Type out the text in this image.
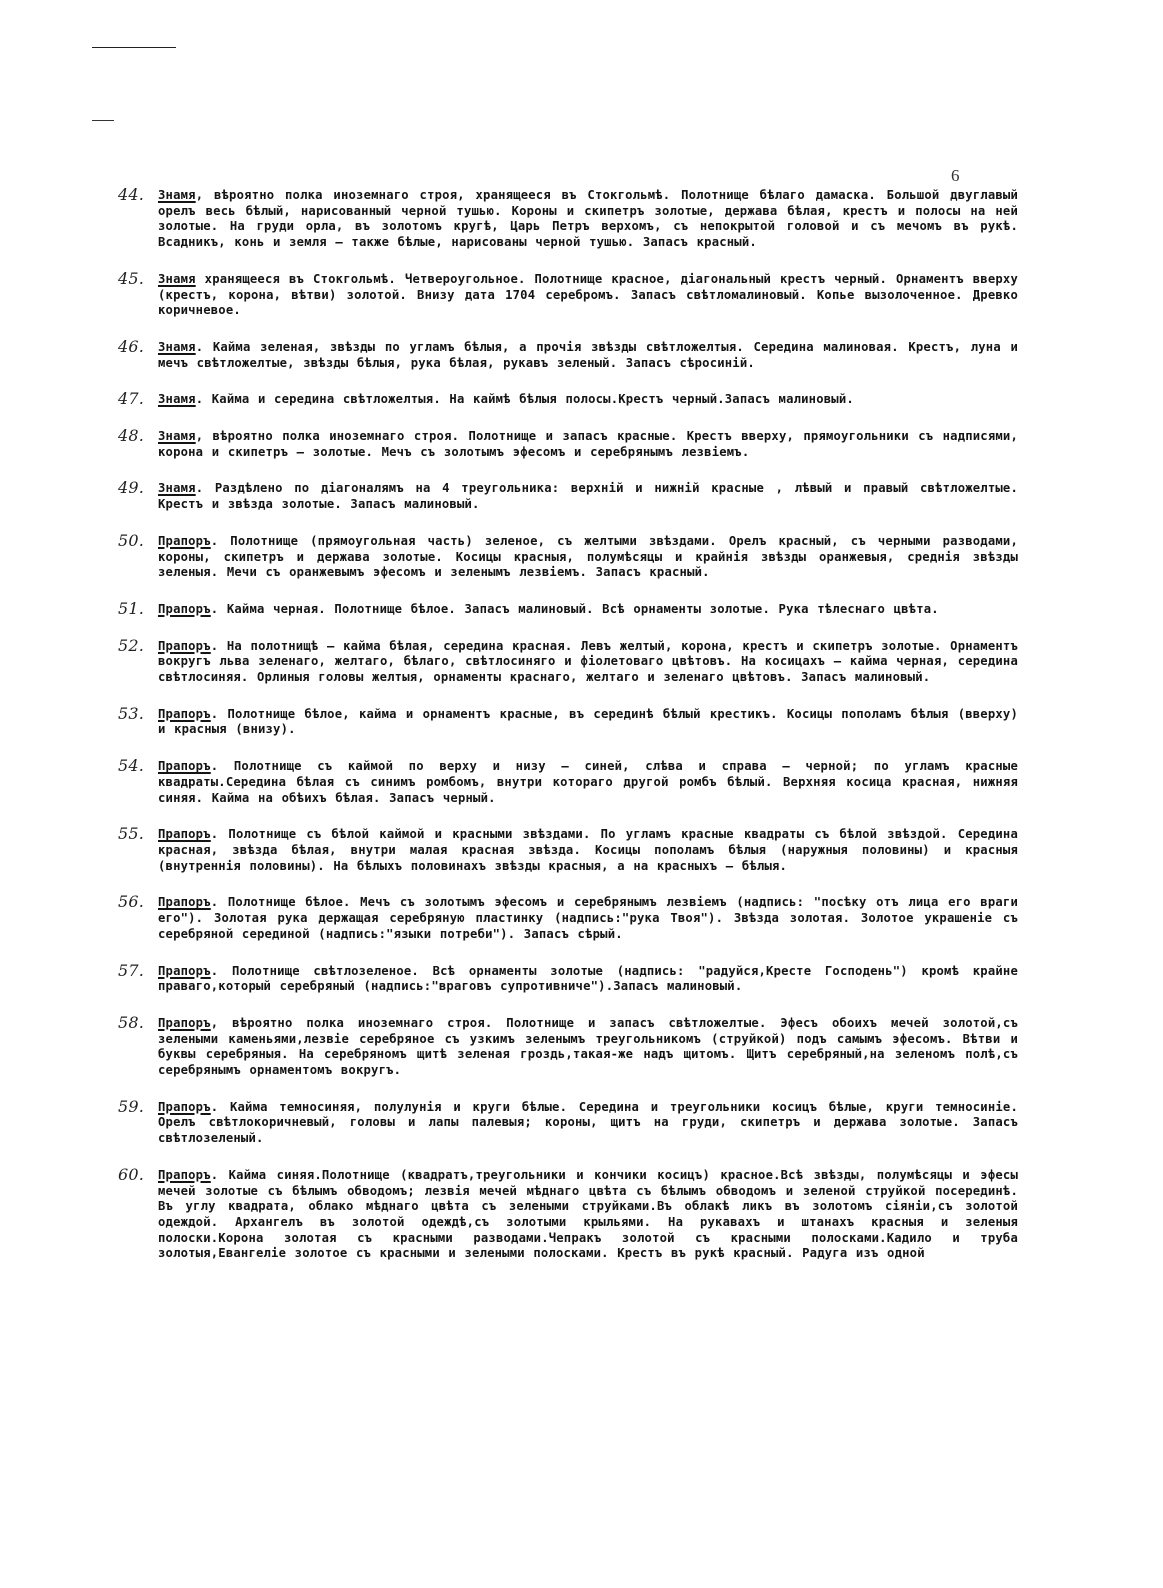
6
44.	Знамя, вѣроятно полка иноземнаго строя, хранящееся въ Стокгольмѣ. Полотнище бѣлаго дамаска. Большой двуглавый орелъ весь бѣлый, нарисованный черной тушью. Короны и скипетръ золотые, держава бѣлая, крестъ и полосы на ней золотые. На груди орла, въ золотомъ кругѣ, Царь Петръ верхомъ, съ непокрытой головой и съ мечомъ въ рукѣ. Всадникъ, конь и земля – также бѣлые, нарисованы черной тушью. Запасъ красный.
45.	Знамя хранящееся въ Стокгольмѣ. Четвероугольное. Полотнище красное, діагональный крестъ черный. Орнаментъ вверху (крестъ, корона, вѣтви) золотой. Внизу дата 1704 серебромъ. Запасъ свѣтломалиновый. Копье вызолоченное. Древко коричневое.
46.	Знамя. Кайма зеленая, звѣзды по угламъ бѣлыя, а прочія звѣзды свѣтложелтыя. Середина малиновая. Крестъ, луна и мечъ свѣтложелтые, звѣзды бѣлыя, рука бѣлая, рукавъ зеленый. Запасъ сѣросиній.
47.	Знамя. Кайма и середина свѣтложелтыя. На каймѣ бѣлыя полосы.Крестъ черный.Запасъ малиновый.
48.	Знамя, вѣроятно полка иноземнаго строя. Полотнище и запасъ красные. Крестъ вверху, прямоугольники съ надписями, корона и скипетръ – золотые. Мечъ съ золотымъ эфесомъ и серебрянымъ лезвіемъ.
49.	Знамя. Раздѣлено по діагоналямъ на 4 треугольника: верхній и нижній красные , лѣвый и правый свѣтложелтые. Крестъ и звѣзда золотые. Запасъ малиновый.
50.	Прапоръ. Полотнище (прямоугольная часть) зеленое, съ желтыми звѣздами. Орелъ красный, съ черными разводами, короны, скипетръ и держава золотые. Косицы красныя, полумѣсяцы и крайнія звѣзды оранжевыя, среднія звѣзды зеленыя. Мечи съ оранжевымъ эфесомъ и зеленымъ лезвіемъ. Запасъ красный.
51.	Прапоръ. Кайма черная. Полотнище бѣлое. Запасъ малиновый. Всѣ орнаменты золотые. Рука тѣлеснаго цвѣта.
52.	Прапоръ. На полотнищѣ – кайма бѣлая, середина красная. Левъ желтый, корона, крестъ и скипетръ золотые. Орнаментъ вокругъ льва зеленаго, желтаго, бѣлаго, свѣтлосиняго и фіолетоваго цвѣтовъ. На косицахъ – кайма черная, середина свѣтлосиняя. Орлиныя головы желтыя, орнаменты краснаго, желтаго и зеленаго цвѣтовъ. Запасъ малиновый.
53.	Прапоръ. Полотнище бѣлое, кайма и орнаментъ красные, въ серединѣ бѣлый крестикъ. Косицы пополамъ бѣлыя (вверху) и красныя (внизу).
54.	Прапоръ. Полотнище съ каймой по верху и низу – синей, слѣва и справа – черной; по угламъ красные квадраты.Середина бѣлая съ синимъ ромбомъ, внутри котораго другой ромбъ бѣлый. Верхняя косица красная, нижняя синяя. Кайма на обѣихъ бѣлая. Запасъ черный.
55.	Прапоръ. Полотнище съ бѣлой каймой и красными звѣздами. По угламъ красные квадраты съ бѣлой звѣздой. Середина красная, звѣзда бѣлая, внутри малая красная звѣзда. Косицы пополамъ бѣлыя (наружныя половины) и красныя (внутреннія половины). На бѣлыхъ половинахъ звѣзды красныя, а на красныхъ – бѣлыя.
56.	Прапоръ. Полотнище бѣлое. Мечъ съ золотымъ эфесомъ и серебрянымъ лезвіемъ (надпись: "посѣку отъ лица его враги его"). Золотая рука держащая серебряную пластинку (надпись:"рука Твоя"). Звѣзда золотая. Золотое украшеніе съ серебряной серединой (надпись:"языки потреби"). Запасъ сѣрый.
57.	Прапоръ. Полотнище свѣтлозеленое. Всѣ орнаменты золотые (надпись: "радуйся,Кресте Господень") кромѣ крайнe праваго,который серебряный (надпись:"враговъ супротивниче").Запасъ малиновый.
58.	Прапоръ, вѣроятно полка иноземнаго строя. Полотнище и запасъ свѣтложелтые. Эфесъ обоихъ мечей золотой,съ зелеными каменьями,лезвіе серебряное съ узкимъ зеленымъ треугольникомъ (струйкой) подъ самымъ эфесомъ. Вѣтви и буквы серебряныя. На серебряномъ щитѣ зеленая гроздь,такая-же надъ щитомъ. Щитъ серебряный,на зеленомъ полѣ,съ серебрянымъ орнаментомъ вокругъ.
59.	Прапоръ. Кайма темносиняя, полулунія и круги бѣлые. Середина и треугольники косицъ бѣлые, круги темносиніе. Орелъ свѣтлокоричневый, головы и лапы палевыя; короны, щитъ на груди, скипетръ и держава золотые. Запасъ свѣтлозеленый.
60.	Прапоръ. Кайма синяя.Полотнище (квадратъ,треугольники и кончики косицъ) красное.Всѣ звѣзды, полумѣсяцы и эфесы мечей золотые съ бѣлымъ обводомъ; лезвія мечей мѣднаго цвѣта съ бѣлымъ обводомъ и зеленой струйкой посерединѣ. Въ углу квадрата, облако мѣднаго цвѣта съ зелеными струйками.Въ облакѣ ликъ въ золотомъ сіяніи,съ золотой одеждой. Архангелъ въ золотой одеждѣ,съ золотыми крыльями. На рукавахъ и штанахъ красныя и зеленыя полоски.Корона золотая съ красными разводами.Чепракъ золотой съ красными полосками.Кадило и труба золотыя,Евангеліе золотое съ красными и зелеными полосками. Крестъ въ рукѣ красный. Радуга изъ одной
